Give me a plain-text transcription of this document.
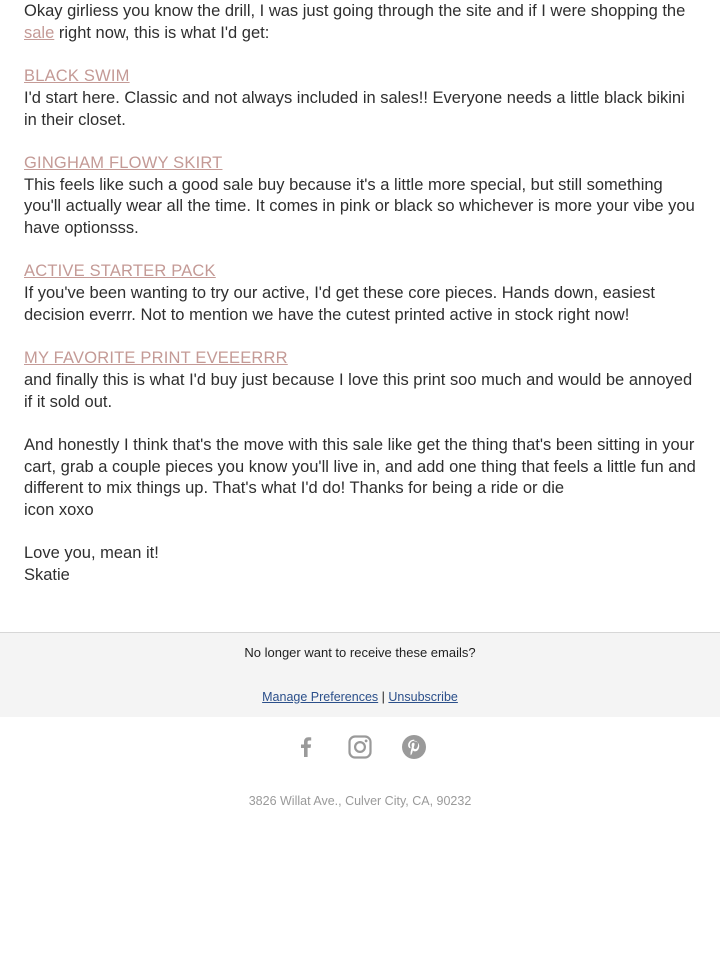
Okay girliess you know the drill, I was just going through the site and if I were shopping the sale right now, this is what I'd get:

BLACK SWIM
I'd start here. Classic and not always included in sales!! Everyone needs a little black bikini in their closet.

GINGHAM FLOWY SKIRT
This feels like such a good sale buy because it's a little more special, but still something you'll actually wear all the time. It comes in pink or black so whichever is more your vibe you have optionsss.

ACTIVE STARTER PACK
If you've been wanting to try our active, I'd get these core pieces. Hands down, easiest decision everrr. Not to mention we have the cutest printed active in stock right now!

MY FAVORITE PRINT EVEEERRR
and finally this is what I'd buy just because I love this print soo much and would be annoyed if it sold out.

And honestly I think that's the move with this sale like get the thing that's been sitting in your cart, grab a couple pieces you know you'll live in, and add one thing that feels a little fun and different to mix things up. That's what I'd do! Thanks for being a ride or die
icon xoxo

Love you, mean it!
Skatie

No longer want to receive these emails?
Manage Preferences | Unsubscribe

3826 Willat Ave., Culver City, CA, 90232
